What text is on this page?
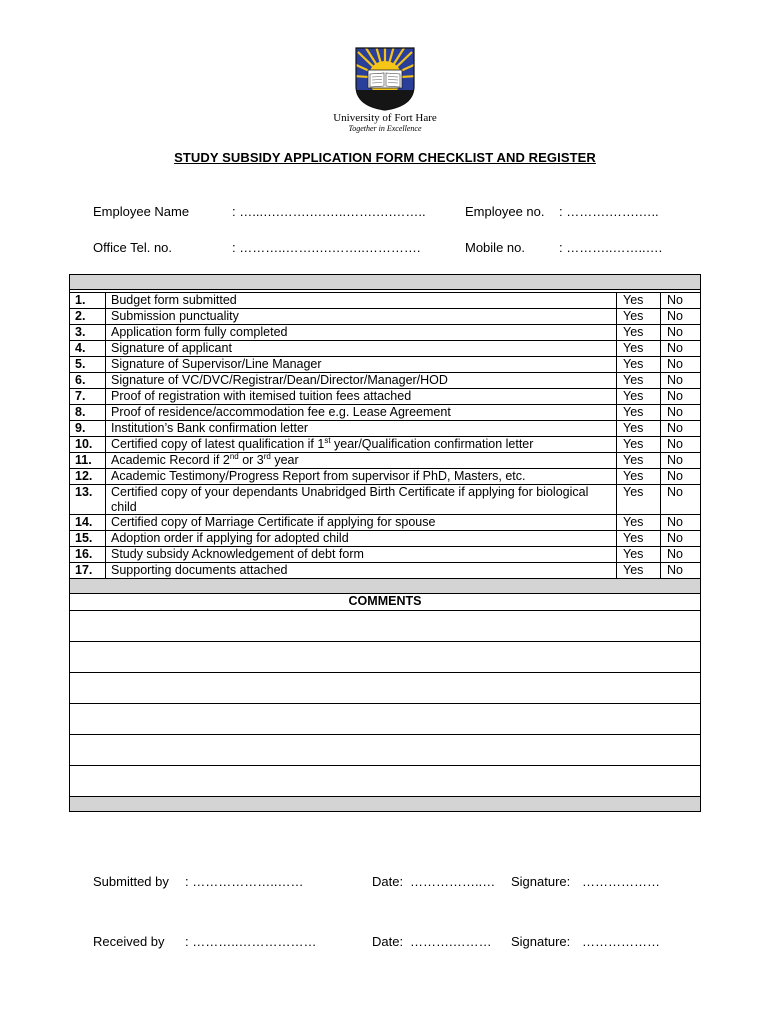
University of Fort Hare
Together in Excellence
STUDY SUBSIDY APPLICATION FORM CHECKLIST AND REGISTER
Employee Name	: …...….…….….…..…….….……..	Employee no. : ……….…….…..
Office Tel. no.	: ………..…….….……..………….	Mobile no.	: ………..……..….

1.	Budget form submitted	Yes	No
2.	Submission punctuality	Yes	No
3.	Application form fully completed	Yes	No
4.	Signature of applicant	Yes	No
5.	Signature of Supervisor/Line Manager	Yes	No
6.	Signature of VC/DVC/Registrar/Dean/Director/Manager/HOD	Yes	No
7.	Proof of registration with itemised tuition fees attached	Yes	No
8.	Proof of residence/accommodation fee e.g. Lease Agreement	Yes	No
9.	Institution’s Bank confirmation letter	Yes	No
10.	Certified copy of latest qualification if 1st year/Qualification confirmation letter	Yes	No
11.	Academic Record if 2nd or 3rd year	Yes	No
12.	Academic Testimony/Progress Report from supervisor if PhD, Masters, etc.	Yes	No
13.	Certified copy of your dependants Unabridged Birth Certificate if applying for biological child	Yes	No
14.	Certified copy of Marriage Certificate if applying for spouse	Yes	No
15.	Adoption order if applying for adopted child	Yes	No
16.	Study subsidy Acknowledgement of debt form	Yes	No
17.	Supporting documents attached	Yes	No

COMMENTS			

Submitted by : ………………..……	Date: ……………..… Signature: ………………
Received by : ………..………………	Date: ……….……… Signature: ………………
